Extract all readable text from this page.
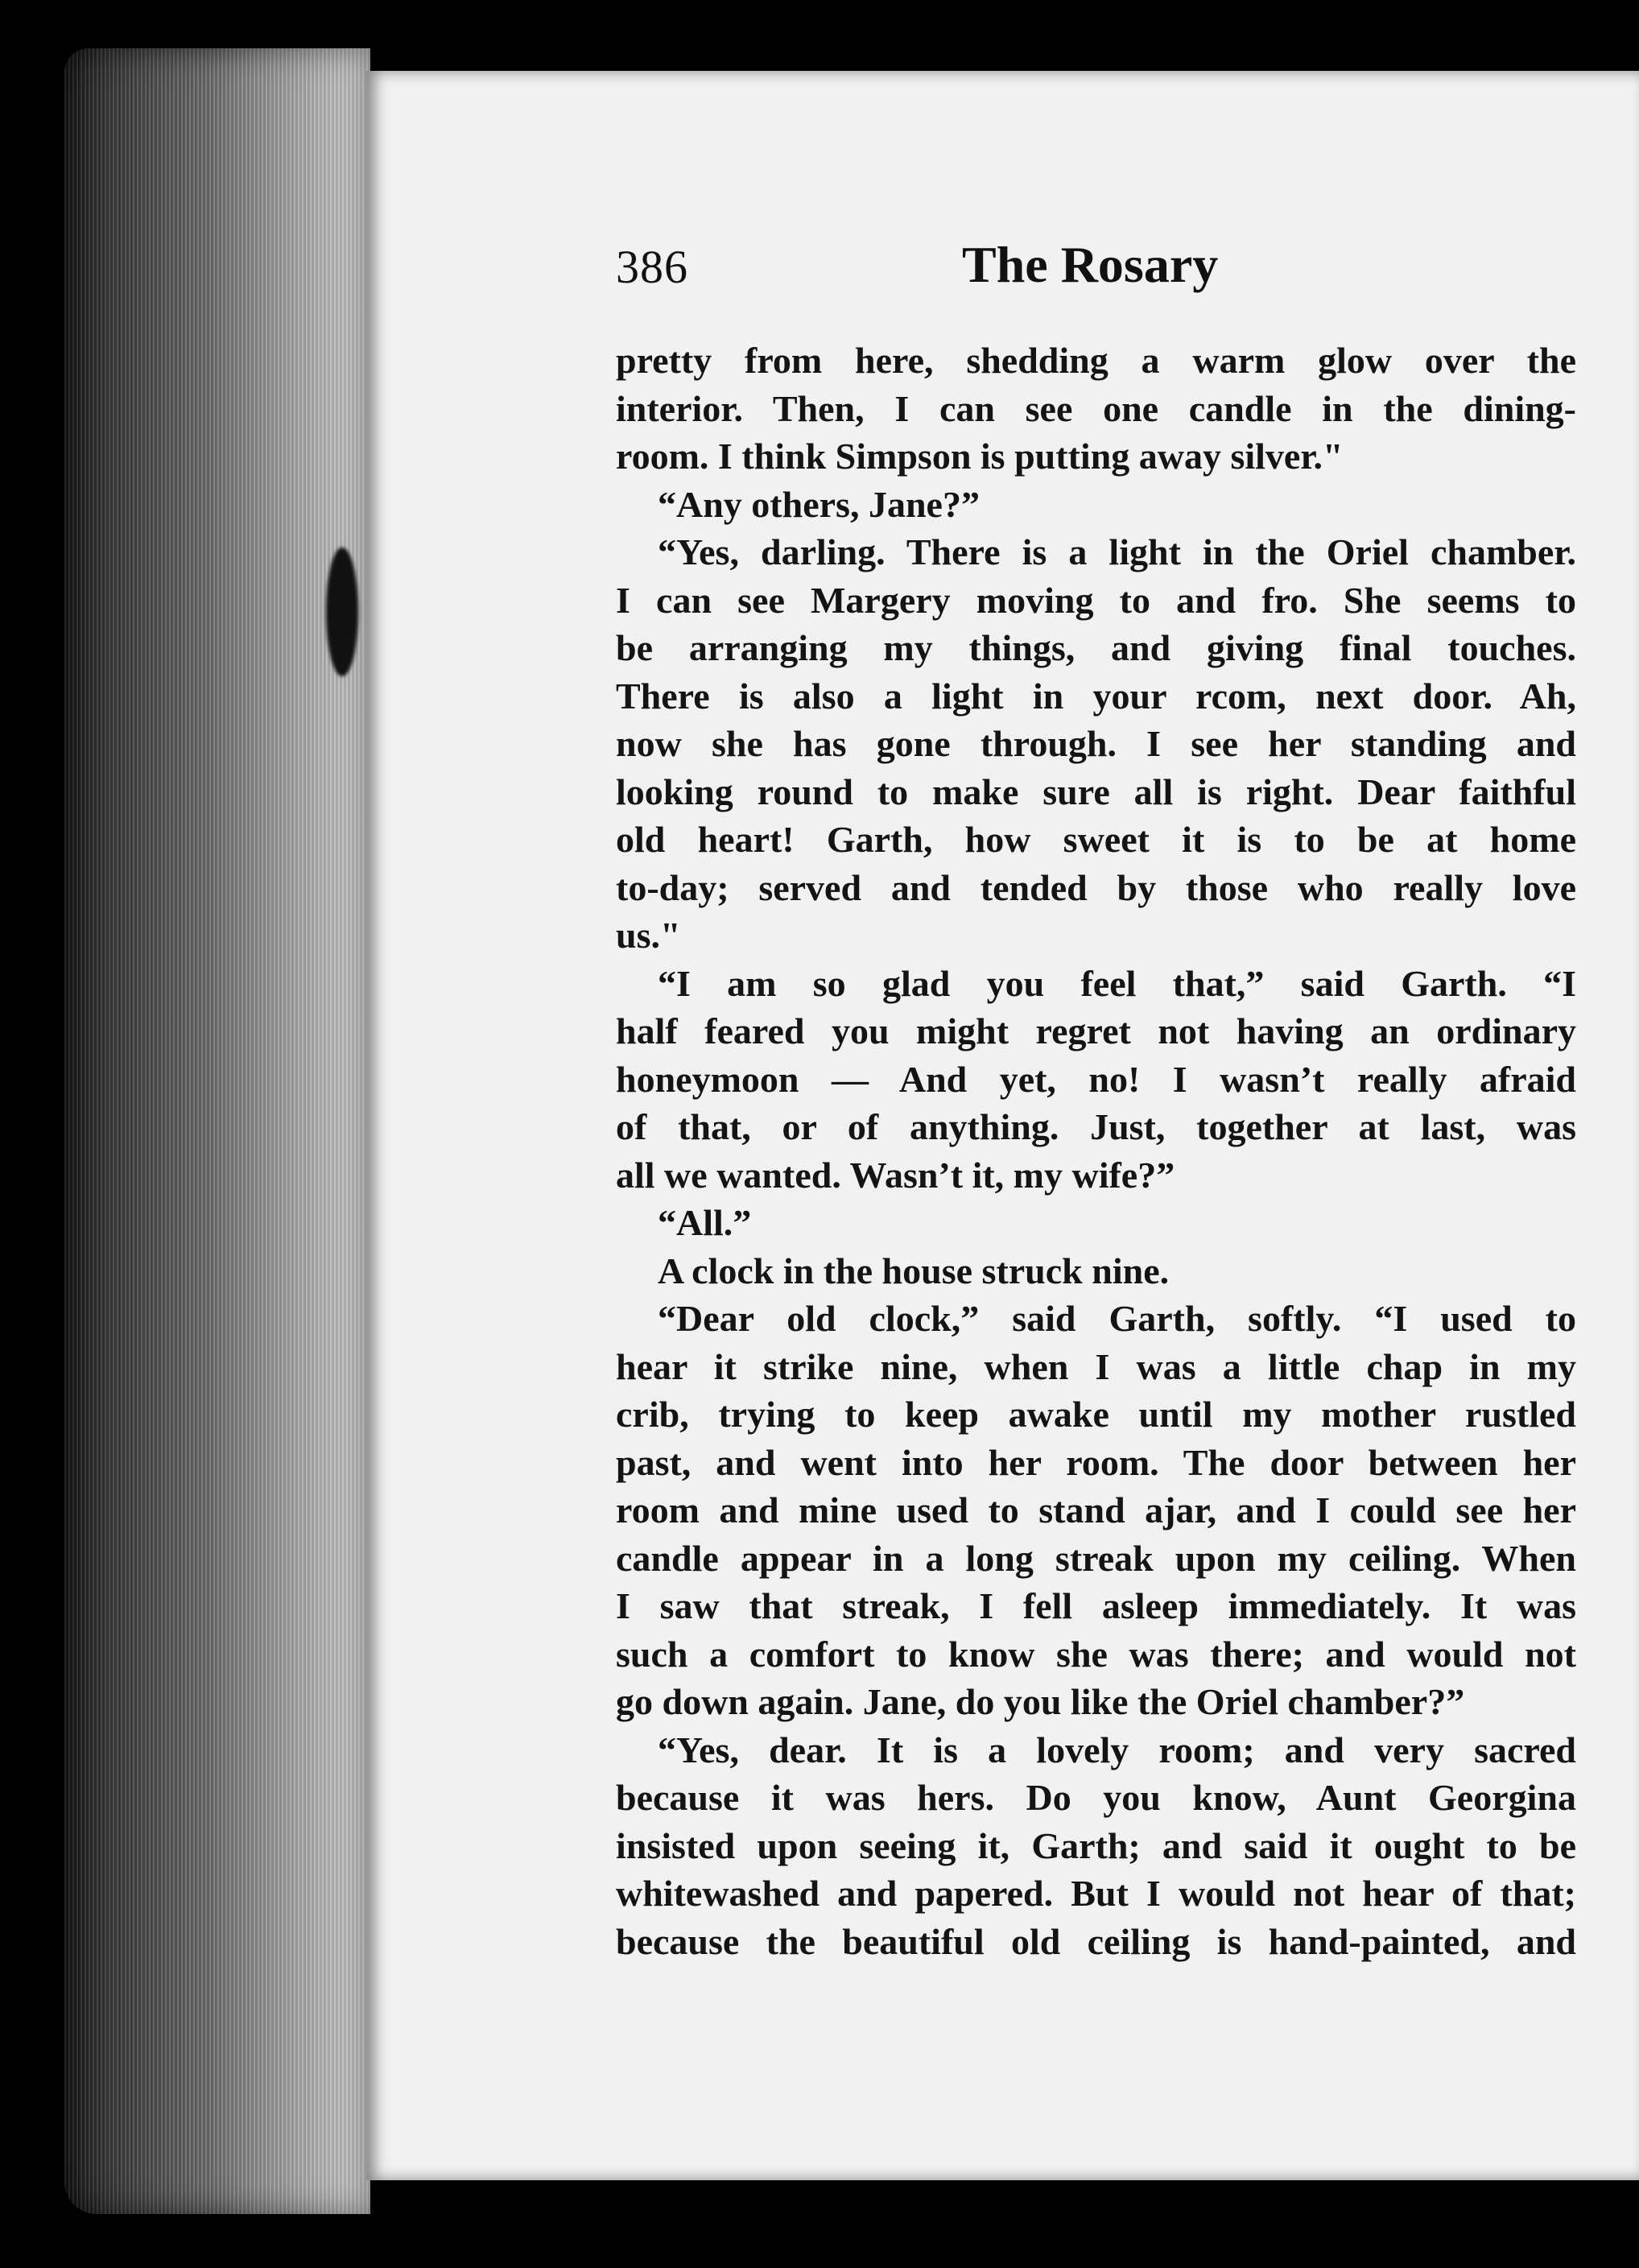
386	The Rosary
pretty from here, shedding a warm glow over the
interior. Then, I can see one candle in the dining-
room. I think Simpson is putting away silver."
“Any others, Jane?”
“Yes, darling. There is a light in the Oriel chamber.
I can see Margery moving to and fro. She seems to
be arranging my things, and giving final touches.
There is also a light in your rcom, next door. Ah,
now she has gone through. I see her standing and
looking round to make sure all is right. Dear faithful
old heart! Garth, how sweet it is to be at home
to-day; served and tended by those who really love
us."
“I am so glad you feel that,” said Garth. “I
half feared you might regret not having an ordinary
honeymoon — And yet, no! I wasn’t really afraid
of that, or of anything. Just, together at last, was
all we wanted. Wasn’t it, my wife?”
“All.”
A clock in the house struck nine.
“Dear old clock,” said Garth, softly. “I used to
hear it strike nine, when I was a little chap in my
crib, trying to keep awake until my mother rustled
past, and went into her room. The door between her
room and mine used to stand ajar, and I could see her
candle appear in a long streak upon my ceiling. When
I saw that streak, I fell asleep immediately. It was
such a comfort to know she was there; and would not
go down again. Jane, do you like the Oriel chamber?”
“Yes, dear. It is a lovely room; and very sacred
because it was hers. Do you know, Aunt Georgina
insisted upon seeing it, Garth; and said it ought to be
whitewashed and papered. But I would not hear of that;
because the beautiful old ceiling is hand-painted, and
